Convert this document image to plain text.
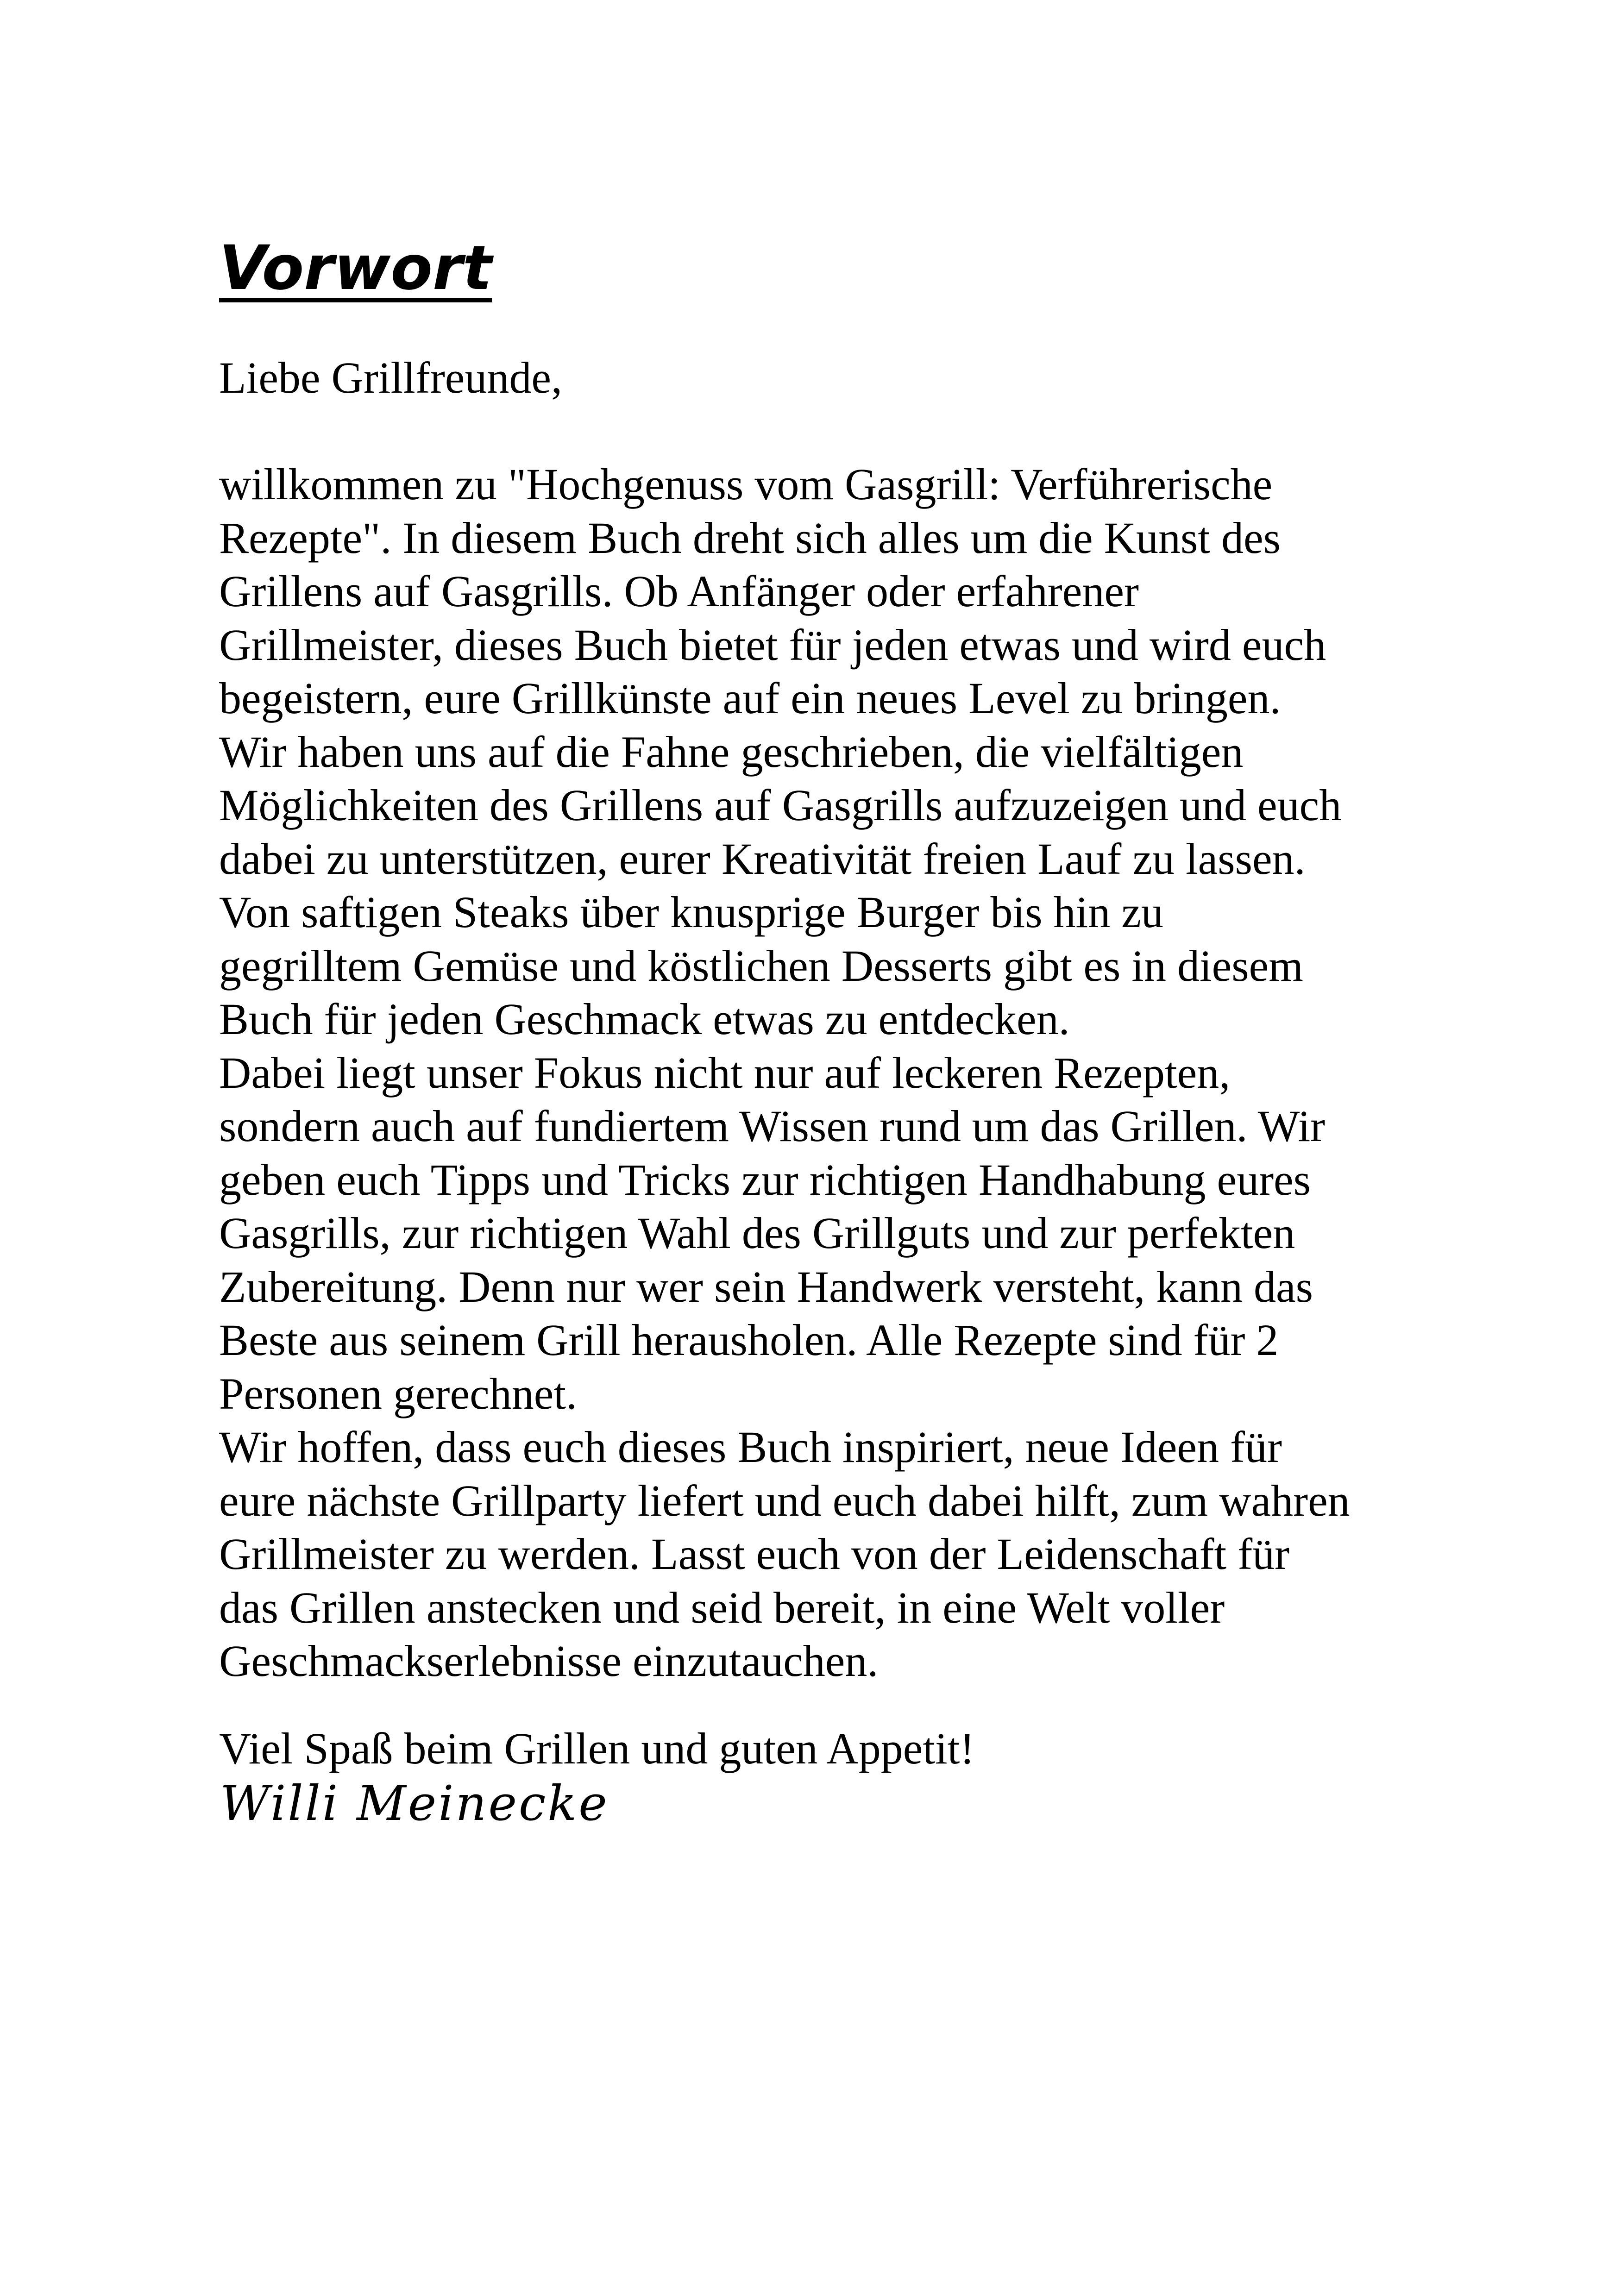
Vorwort

Liebe Grillfreunde,

willkommen zu "Hochgenuss vom Gasgrill: Verführerische
Rezepte". In diesem Buch dreht sich alles um die Kunst des
Grillens auf Gasgrills. Ob Anfänger oder erfahrener
Grillmeister, dieses Buch bietet für jeden etwas und wird euch
begeistern, eure Grillkünste auf ein neues Level zu bringen.
Wir haben uns auf die Fahne geschrieben, die vielfältigen
Möglichkeiten des Grillens auf Gasgrills aufzuzeigen und euch
dabei zu unterstützen, eurer Kreativität freien Lauf zu lassen.
Von saftigen Steaks über knusprige Burger bis hin zu
gegrilltem Gemüse und köstlichen Desserts gibt es in diesem
Buch für jeden Geschmack etwas zu entdecken.
Dabei liegt unser Fokus nicht nur auf leckeren Rezepten,
sondern auch auf fundiertem Wissen rund um das Grillen. Wir
geben euch Tipps und Tricks zur richtigen Handhabung eures
Gasgrills, zur richtigen Wahl des Grillguts und zur perfekten
Zubereitung. Denn nur wer sein Handwerk versteht, kann das
Beste aus seinem Grill herausholen. Alle Rezepte sind für 2
Personen gerechnet.
Wir hoffen, dass euch dieses Buch inspiriert, neue Ideen für
eure nächste Grillparty liefert und euch dabei hilft, zum wahren
Grillmeister zu werden. Lasst euch von der Leidenschaft für
das Grillen anstecken und seid bereit, in eine Welt voller
Geschmackserlebnisse einzutauchen.

Viel Spaß beim Grillen und guten Appetit!

Willi Meinecke
